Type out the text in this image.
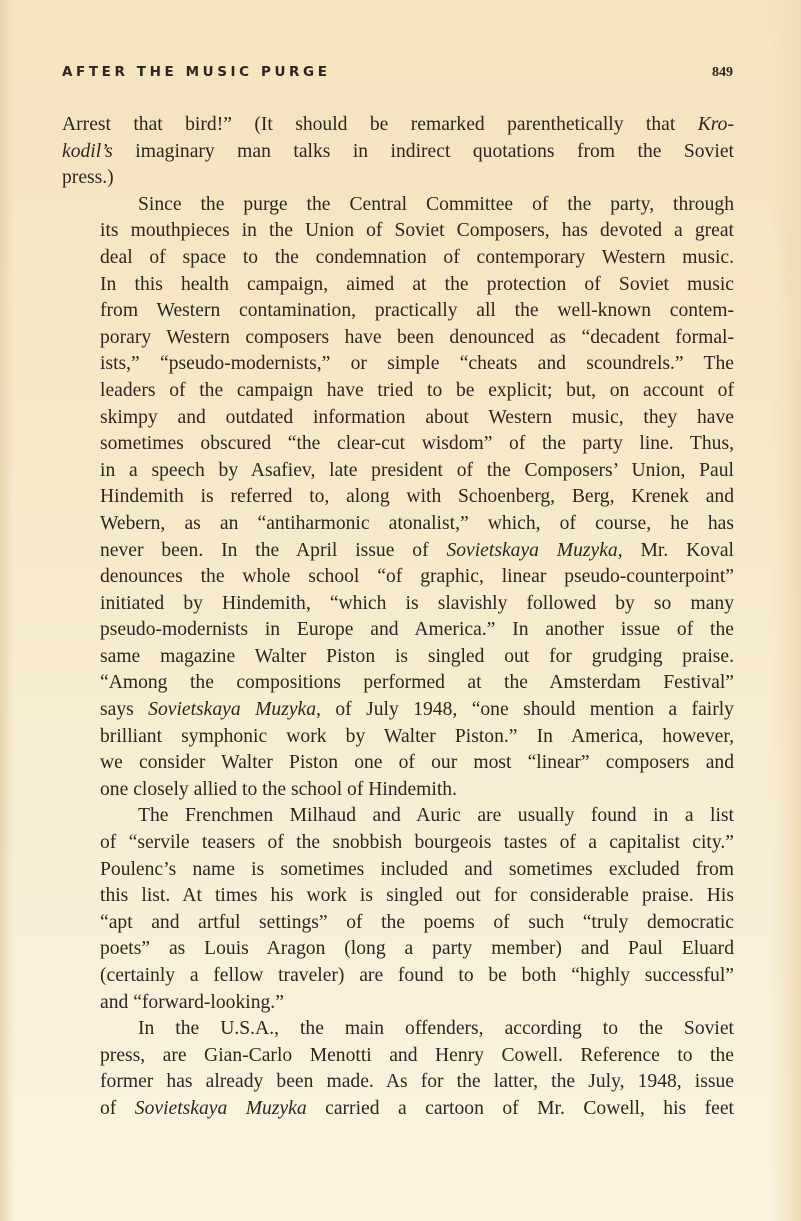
AFTER THE MUSIC PURGE	849

Arrest that bird!” (It should be remarked parenthetically that Kro-
kodil’s imaginary man talks in indirect quotations from the Soviet
press.)

Since the purge the Central Committee of the party, through
its mouthpieces in the Union of Soviet Composers, has devoted a great
deal of space to the condemnation of contemporary Western music.
In this health campaign, aimed at the protection of Soviet music
from Western contamination, practically all the well-known contem-
porary Western composers have been denounced as “decadent formal-
ists,” “pseudo-modernists,” or simple “cheats and scoundrels.” The
leaders of the campaign have tried to be explicit; but, on account of
skimpy and outdated information about Western music, they have
sometimes obscured “the clear-cut wisdom” of the party line. Thus,
in a speech by Asafiev, late president of the Composers’ Union, Paul
Hindemith is referred to, along with Schoenberg, Berg, Krenek and
Webern, as an “antiharmonic atonalist,” which, of course, he has
never been. In the April issue of Sovietskaya Muzyka, Mr. Koval
denounces the whole school “of graphic, linear pseudo-counterpoint”
initiated by Hindemith, “which is slavishly followed by so many
pseudo-modernists in Europe and America.” In another issue of the
same magazine Walter Piston is singled out for grudging praise.
“Among the compositions performed at the Amsterdam Festival”
says Sovietskaya Muzyka, of July 1948, “one should mention a fairly
brilliant symphonic work by Walter Piston.” In America, however,
we consider Walter Piston one of our most “linear” composers and
one closely allied to the school of Hindemith.

The Frenchmen Milhaud and Auric are usually found in a list
of “servile teasers of the snobbish bourgeois tastes of a capitalist city.”
Poulenc’s name is sometimes included and sometimes excluded from
this list. At times his work is singled out for considerable praise. His
“apt and artful settings” of the poems of such “truly democratic
poets” as Louis Aragon (long a party member) and Paul Eluard
(certainly a fellow traveler) are found to be both “highly successful”
and “forward-looking.”

In the U.S.A., the main offenders, according to the Soviet
press, are Gian-Carlo Menotti and Henry Cowell. Reference to the
former has already been made. As for the latter, the July, 1948, issue
of Sovietskaya Muzyka carried a cartoon of Mr. Cowell, his feet
